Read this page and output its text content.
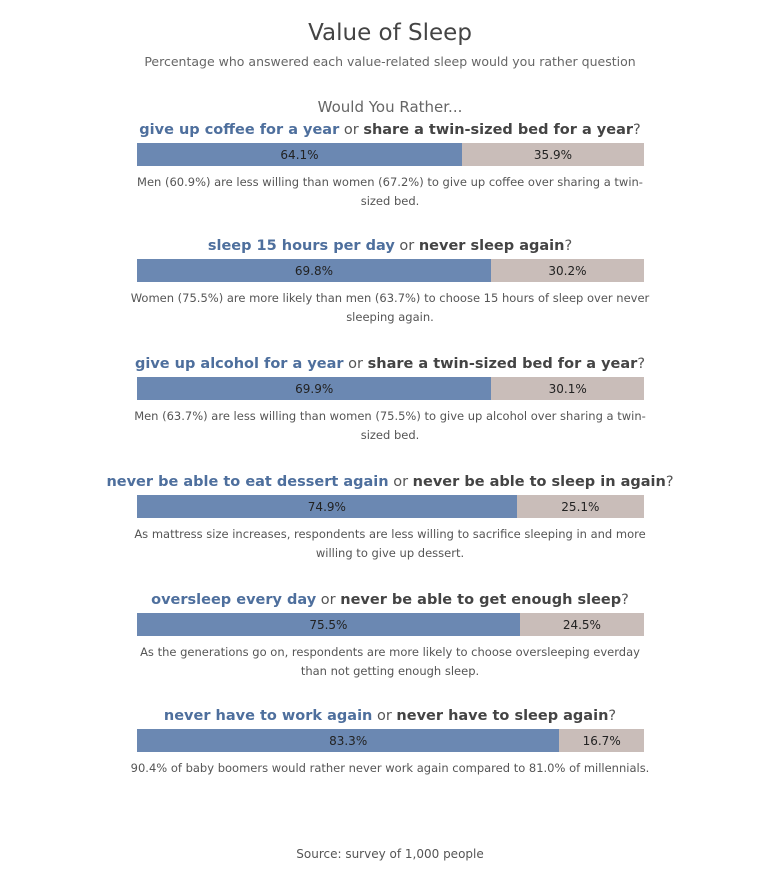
Value of Sleep
Percentage who answered each value-related sleep would you rather question
Would You Rather...
give up coffee for a year or share a twin-sized bed for a year?
64.1%	35.9%
Men (60.9%) are less willing than women (67.2%) to give up coffee over sharing a twin-sized bed.
sleep 15 hours per day or never sleep again?
69.8%	30.2%
Women (75.5%) are more likely than men (63.7%) to choose 15 hours of sleep over never sleeping again.
give up alcohol for a year or share a twin-sized bed for a year?
69.9%	30.1%
Men (63.7%) are less willing than women (75.5%) to give up alcohol over sharing a twin-sized bed.
never be able to eat dessert again or never be able to sleep in again?
74.9%	25.1%
As mattress size increases, respondents are less willing to sacrifice sleeping in and more willing to give up dessert.
oversleep every day or never be able to get enough sleep?
75.5%	24.5%
As the generations go on, respondents are more likely to choose oversleeping everday than not getting enough sleep.
never have to work again or never have to sleep again?
83.3%	16.7%
90.4% of baby boomers would rather never work again compared to 81.0% of millennials.
Source: survey of 1,000 people
